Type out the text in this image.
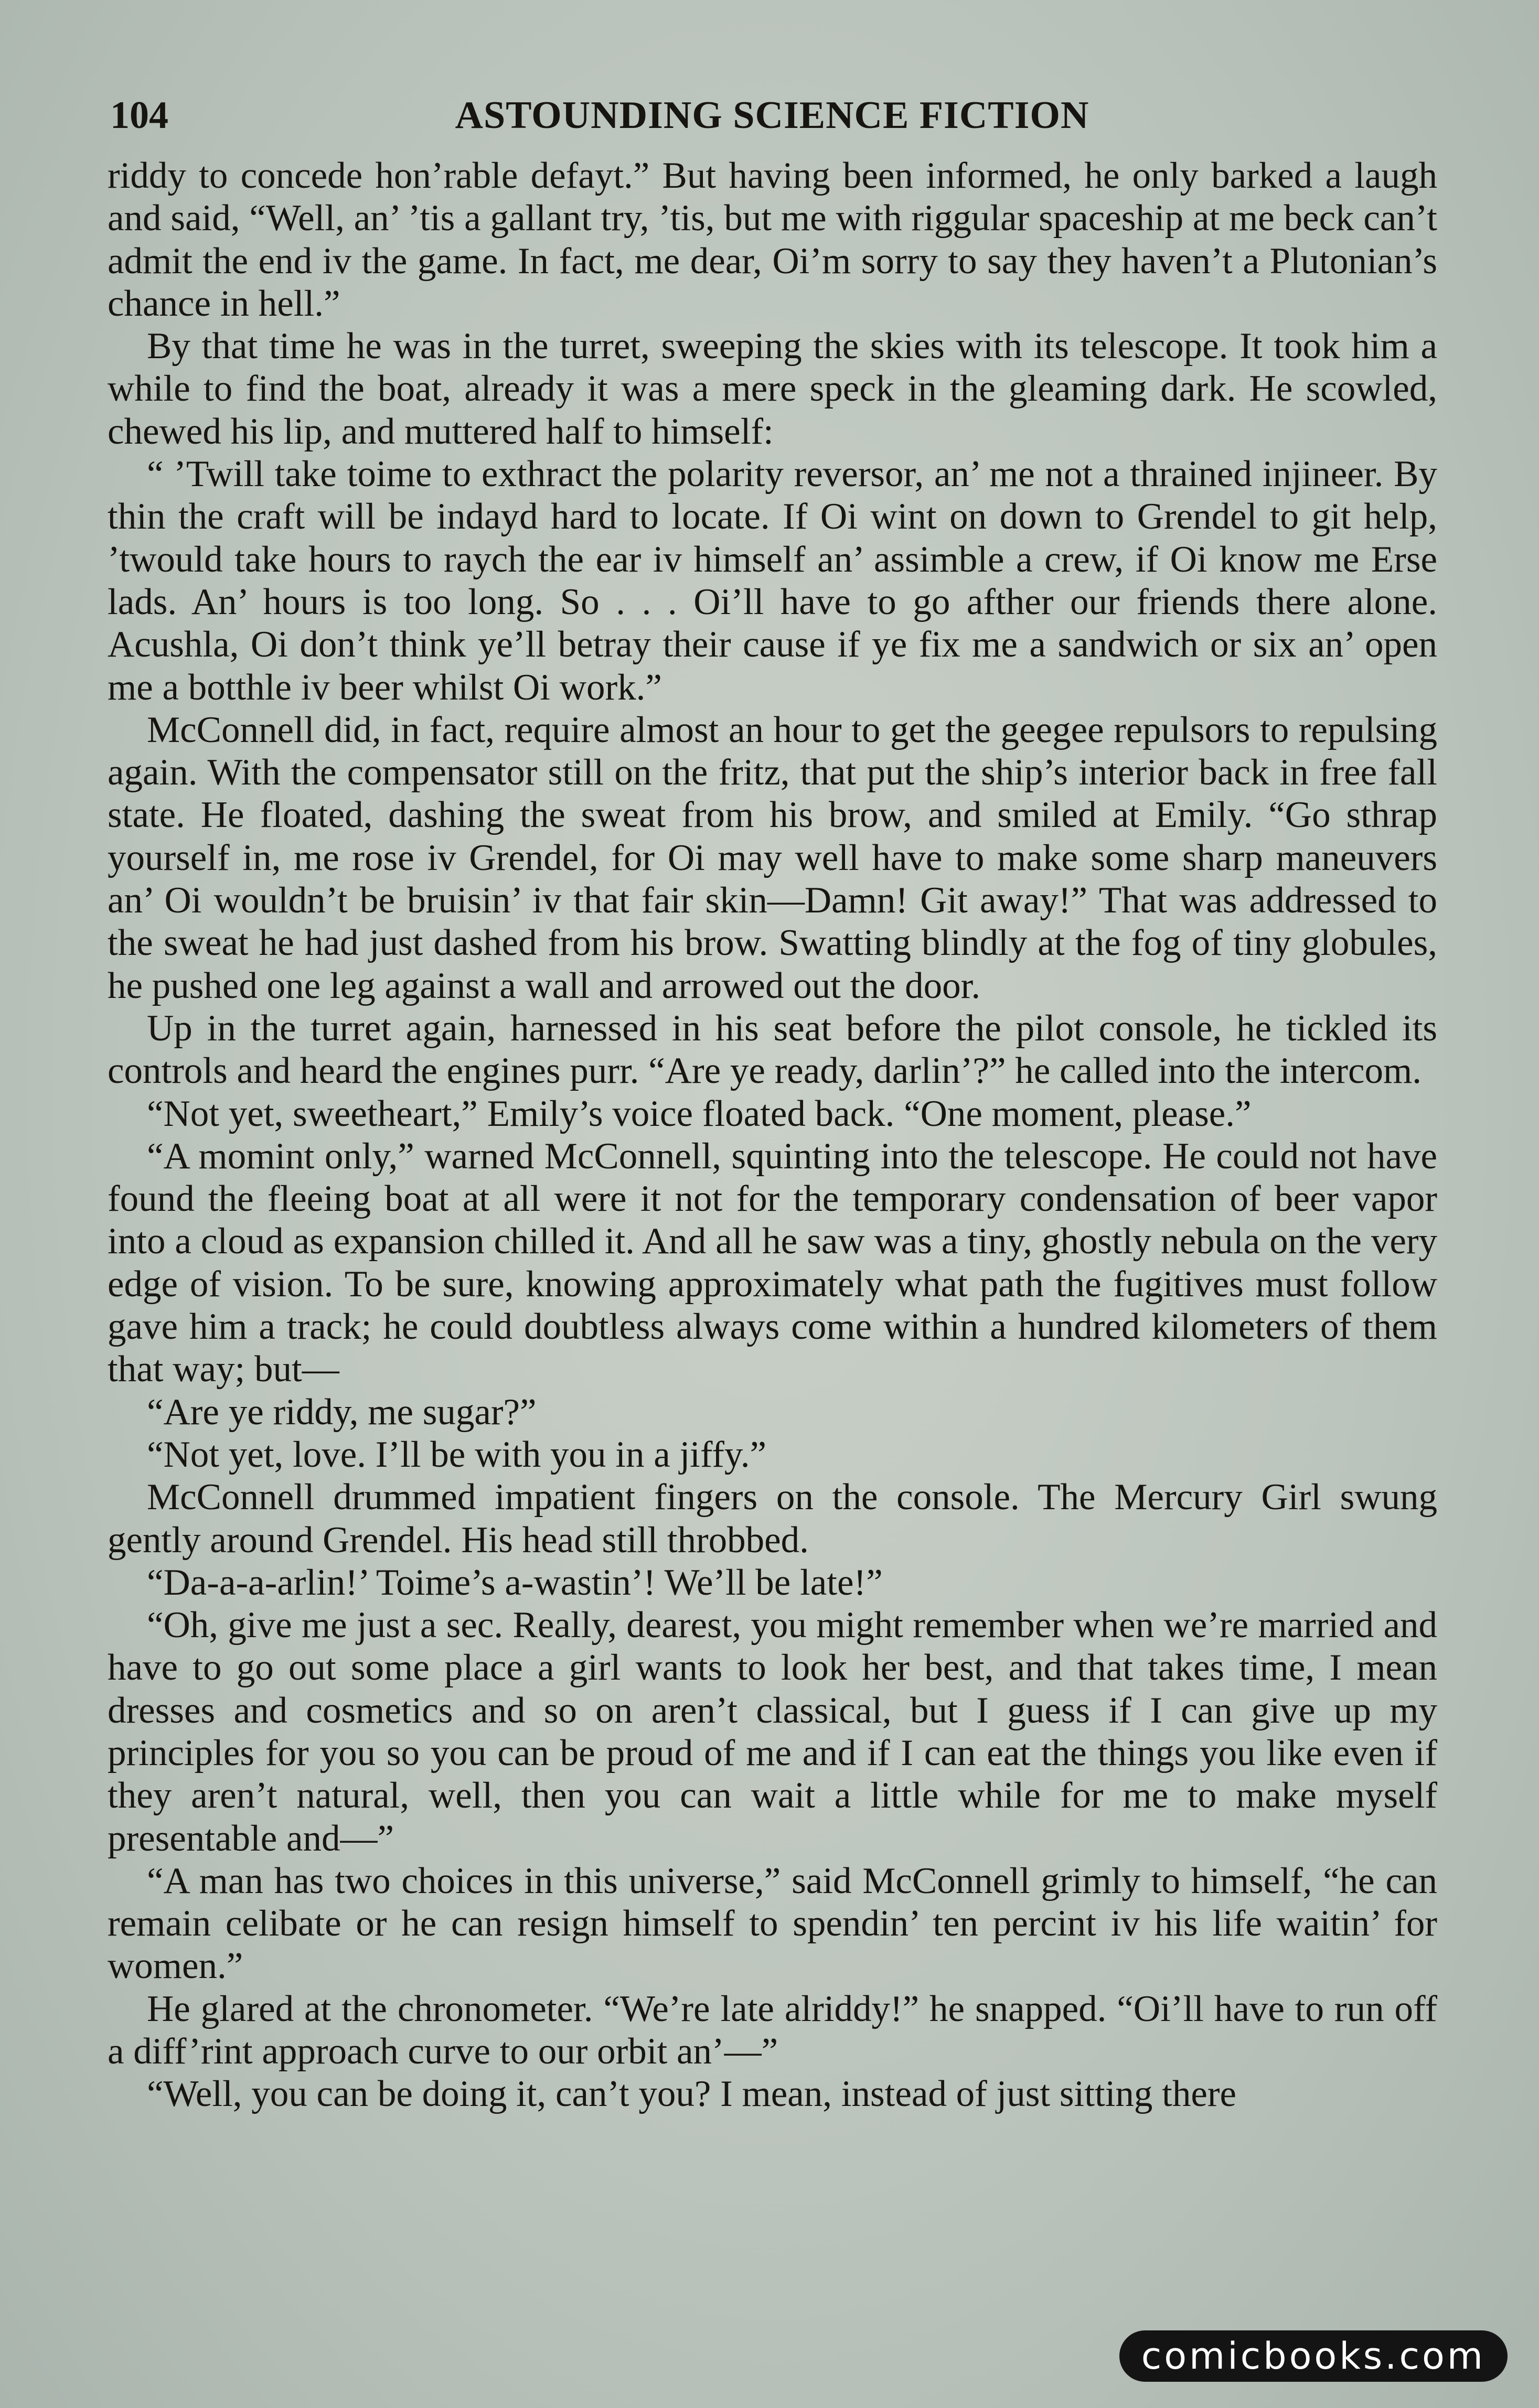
104	ASTOUNDING SCIENCE FICTION

riddy to concede hon’rable defayt.” But having been informed, he only barked a laugh and said, “Well, an’ ’tis a gallant try, ’tis, but me with riggular spaceship at me beck can’t admit the end iv the game. In fact, me dear, Oi’m sorry to say they haven’t a Plutonian’s chance in hell.”

By that time he was in the turret, sweeping the skies with its telescope. It took him a while to find the boat, already it was a mere speck in the gleaming dark. He scowled, chewed his lip, and muttered half to himself:

“ ’Twill take toime to exthract the polarity reversor, an’ me not a thrained injineer. By thin the craft will be indayd hard to locate. If Oi wint on down to Grendel to git help, ’twould take hours to raych the ear iv himself an’ assimble a crew, if Oi know me Erse lads. An’ hours is too long. So . . . Oi’ll have to go afther our friends there alone. Acushla, Oi don’t think ye’ll betray their cause if ye fix me a sandwich or six an’ open me a botthle iv beer whilst Oi work.”

McConnell did, in fact, require almost an hour to get the geegee repulsors to repulsing again. With the compensator still on the fritz, that put the ship’s interior back in free fall state. He floated, dashing the sweat from his brow, and smiled at Emily. “Go sthrap yourself in, me rose iv Grendel, for Oi may well have to make some sharp maneuvers an’ Oi wouldn’t be bruisin’ iv that fair skin—Damn! Git away!” That was addressed to the sweat he had just dashed from his brow. Swatting blindly at the fog of tiny globules, he pushed one leg against a wall and arrowed out the door.

Up in the turret again, harnessed in his seat before the pilot console, he tickled its controls and heard the engines purr. “Are ye ready, darlin’?” he called into the intercom.

“Not yet, sweetheart,” Emily’s voice floated back. “One moment, please.”

“A momint only,” warned McConnell, squinting into the telescope. He could not have found the fleeing boat at all were it not for the temporary condensation of beer vapor into a cloud as expansion chilled it. And all he saw was a tiny, ghostly nebula on the very edge of vision. To be sure, knowing approximately what path the fugitives must follow gave him a track; he could doubtless always come within a hundred kilometers of them that way; but—

“Are ye riddy, me sugar?”

“Not yet, love. I’ll be with you in a jiffy.”

McConnell drummed impatient fingers on the console. The Mercury Girl swung gently around Grendel. His head still throbbed.

“Da-a-a-arlin!’ Toime’s a-wastin’! We’ll be late!”

“Oh, give me just a sec. Really, dearest, you might remember when we’re married and have to go out some place a girl wants to look her best, and that takes time, I mean dresses and cosmetics and so on aren’t classical, but I guess if I can give up my principles for you so you can be proud of me and if I can eat the things you like even if they aren’t natural, well, then you can wait a little while for me to make myself presentable and—”

“A man has two choices in this universe,” said McConnell grimly to himself, “he can remain celibate or he can resign himself to spendin’ ten percint iv his life waitin’ for women.”

He glared at the chronometer. “We’re late alriddy!” he snapped. “Oi’ll have to run off a diff’rint approach curve to our orbit an’—”

“Well, you can be doing it, can’t you? I mean, instead of just sitting there

comicbooks.com
